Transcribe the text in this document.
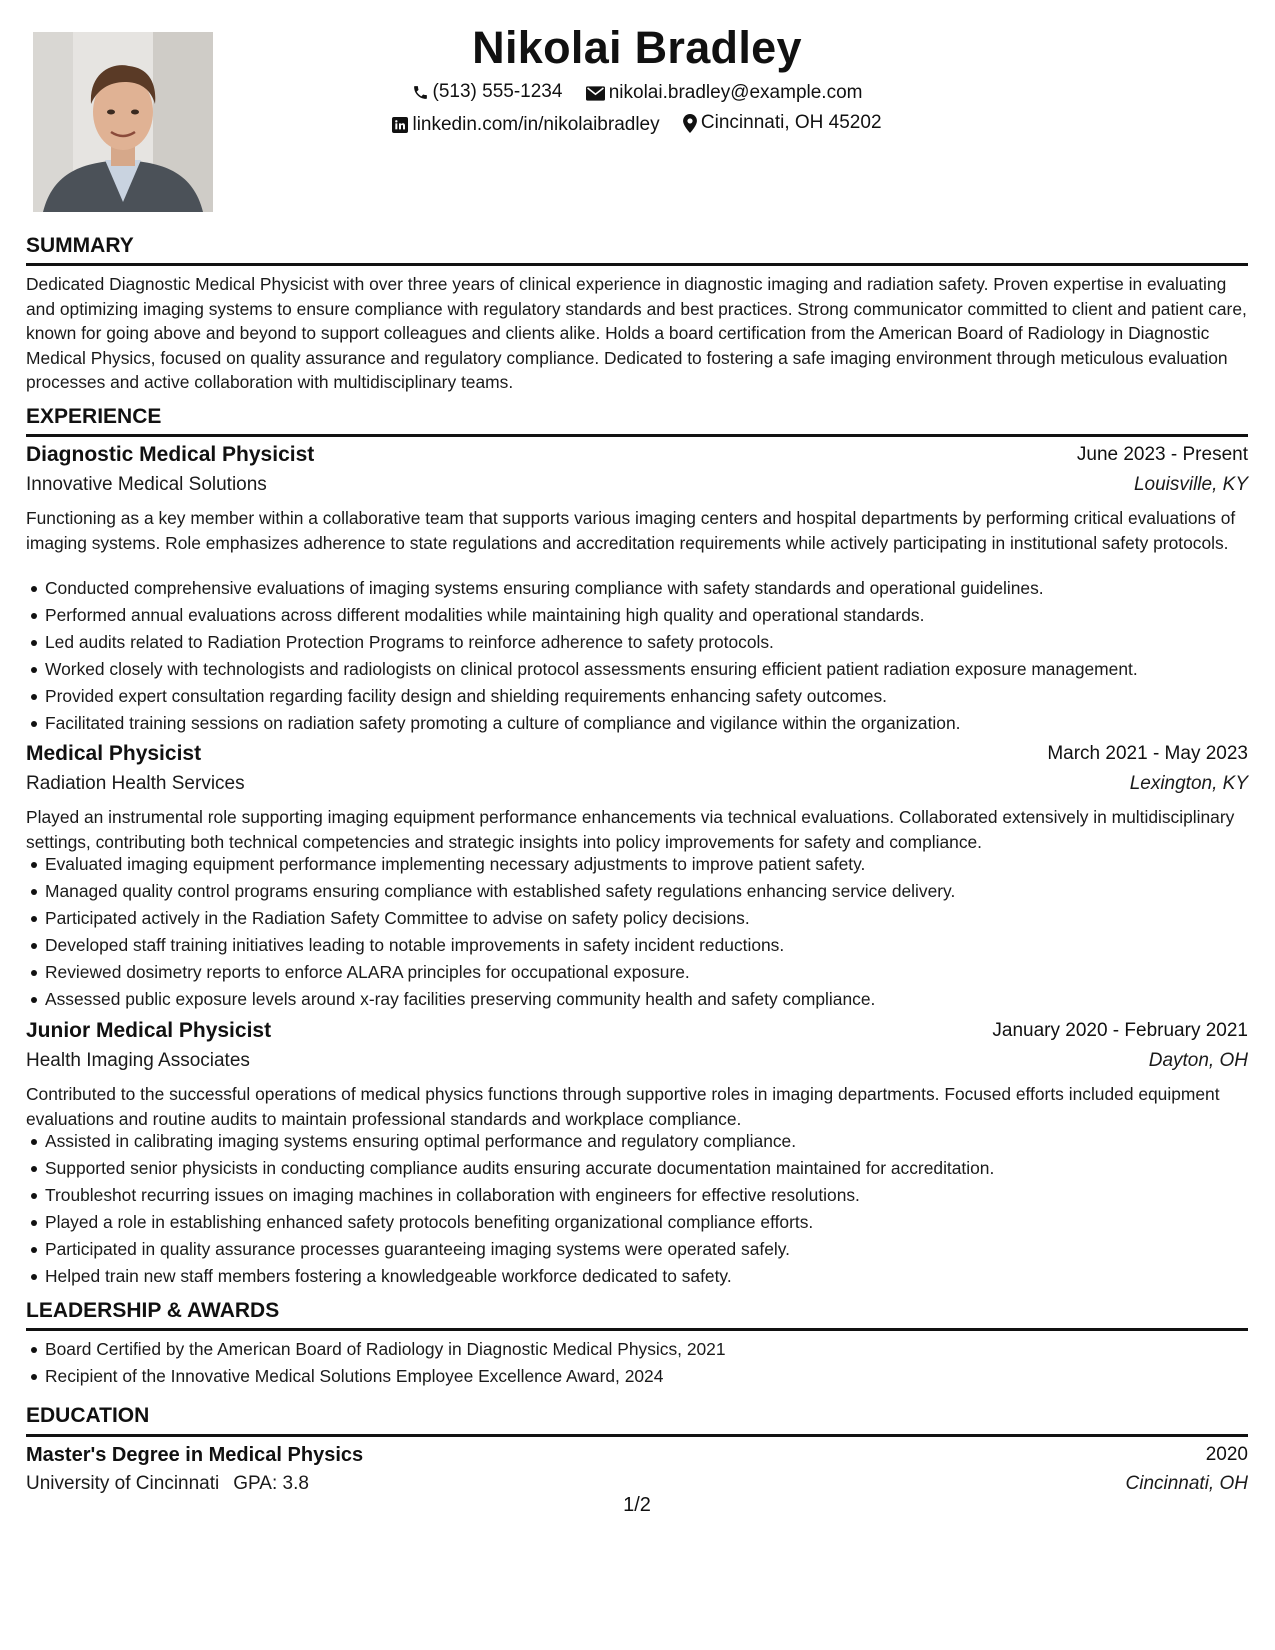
Nikolai Bradley
(513) 555-1234
nikolai.bradley@example.com
linkedin.com/in/nikolaibradley
Cincinnati, OH 45202
SUMMARY
Dedicated Diagnostic Medical Physicist with over three years of clinical experience in diagnostic imaging and radiation safety. Proven expertise in evaluating and optimizing imaging systems to ensure compliance with regulatory standards and best practices. Strong communicator committed to client and patient care, known for going above and beyond to support colleagues and clients alike. Holds a board certification from the American Board of Radiology in Diagnostic Medical Physics, focused on quality assurance and regulatory compliance. Dedicated to fostering a safe imaging environment through meticulous evaluation processes and active collaboration with multidisciplinary teams.
EXPERIENCE
Diagnostic Medical Physicist	June 2023 - Present
Innovative Medical Solutions	Louisville, KY
Functioning as a key member within a collaborative team that supports various imaging centers and hospital departments by performing critical evaluations of imaging systems. Role emphasizes adherence to state regulations and accreditation requirements while actively participating in institutional safety protocols.
Conducted comprehensive evaluations of imaging systems ensuring compliance with safety standards and operational guidelines.
Performed annual evaluations across different modalities while maintaining high quality and operational standards.
Led audits related to Radiation Protection Programs to reinforce adherence to safety protocols.
Worked closely with technologists and radiologists on clinical protocol assessments ensuring efficient patient radiation exposure management.
Provided expert consultation regarding facility design and shielding requirements enhancing safety outcomes.
Facilitated training sessions on radiation safety promoting a culture of compliance and vigilance within the organization.
Medical Physicist	March 2021 - May 2023
Radiation Health Services	Lexington, KY
Played an instrumental role supporting imaging equipment performance enhancements via technical evaluations. Collaborated extensively in multidisciplinary settings, contributing both technical competencies and strategic insights into policy improvements for safety and compliance.
Evaluated imaging equipment performance implementing necessary adjustments to improve patient safety.
Managed quality control programs ensuring compliance with established safety regulations enhancing service delivery.
Participated actively in the Radiation Safety Committee to advise on safety policy decisions.
Developed staff training initiatives leading to notable improvements in safety incident reductions.
Reviewed dosimetry reports to enforce ALARA principles for occupational exposure.
Assessed public exposure levels around x-ray facilities preserving community health and safety compliance.
Junior Medical Physicist	January 2020 - February 2021
Health Imaging Associates	Dayton, OH
Contributed to the successful operations of medical physics functions through supportive roles in imaging departments. Focused efforts included equipment evaluations and routine audits to maintain professional standards and workplace compliance.
Assisted in calibrating imaging systems ensuring optimal performance and regulatory compliance.
Supported senior physicists in conducting compliance audits ensuring accurate documentation maintained for accreditation.
Troubleshot recurring issues on imaging machines in collaboration with engineers for effective resolutions.
Played a role in establishing enhanced safety protocols benefiting organizational compliance efforts.
Participated in quality assurance processes guaranteeing imaging systems were operated safely.
Helped train new staff members fostering a knowledgeable workforce dedicated to safety.
LEADERSHIP & AWARDS
Board Certified by the American Board of Radiology in Diagnostic Medical Physics, 2021
Recipient of the Innovative Medical Solutions Employee Excellence Award, 2024
EDUCATION
Master's Degree in Medical Physics	2020
University of Cincinnati GPA: 3.8	Cincinnati, OH
1/2
